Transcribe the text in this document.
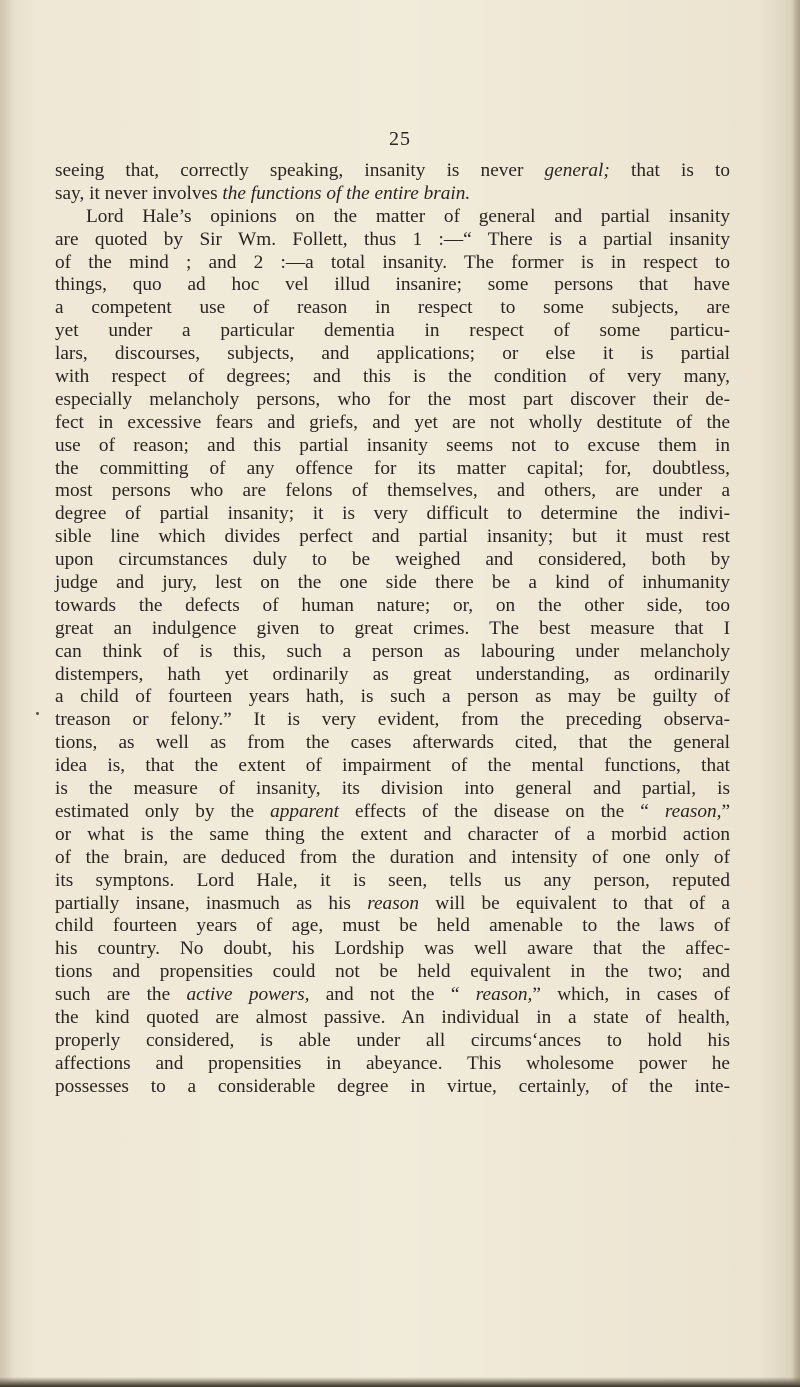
25
seeing that, correctly speaking, insanity is never general; that is to
say, it never involves the functions of the entire brain.
Lord Hale’s opinions on the matter of general and partial insanity
are quoted by Sir Wm. Follett, thus 1 :—“ There is a partial insanity
of the mind ; and 2 :—a total insanity. The former is in respect to
things, quo ad hoc vel illud insanire; some persons that have
a competent use of reason in respect to some subjects, are
yet under a particular dementia in respect of some particu-
lars, discourses, subjects, and applications; or else it is partial
with respect of degrees; and this is the condition of very many,
especially melancholy persons, who for the most part discover their de-
fect in excessive fears and griefs, and yet are not wholly destitute of the
use of reason; and this partial insanity seems not to excuse them in
the committing of any offence for its matter capital; for, doubtless,
most persons who are felons of themselves, and others, are under a
degree of partial insanity; it is very difficult to determine the indivi-
sible line which divides perfect and partial insanity; but it must rest
upon circumstances duly to be weighed and considered, both by
judge and jury, lest on the one side there be a kind of inhumanity
towards the defects of human nature; or, on the other side, too
great an indulgence given to great crimes. The best measure that I
can think of is this, such a person as labouring under melancholy
distempers, hath yet ordinarily as great understanding, as ordinarily
a child of fourteen years hath, is such a person as may be guilty of
treason or felony.” It is very evident, from the preceding observa-
tions, as well as from the cases afterwards cited, that the general
idea is, that the extent of impairment of the mental functions, that
is the measure of insanity, its division into general and partial, is
estimated only by the apparent effects of the disease on the “ reason,”
or what is the same thing the extent and character of a morbid action
of the brain, are deduced from the duration and intensity of one only of
its symptons. Lord Hale, it is seen, tells us any person, reputed
partially insane, inasmuch as his reason will be equivalent to that of a
child fourteen years of age, must be held amenable to the laws of
his country. No doubt, his Lordship was well aware that the affec-
tions and propensities could not be held equivalent in the two; and
such are the active powers, and not the “ reason,” which, in cases of
the kind quoted are almost passive. An individual in a state of health,
properly considered, is able under all circums‘ances to hold his
affections and propensities in abeyance. This wholesome power he
possesses to a considerable degree in virtue, certainly, of the inte-
